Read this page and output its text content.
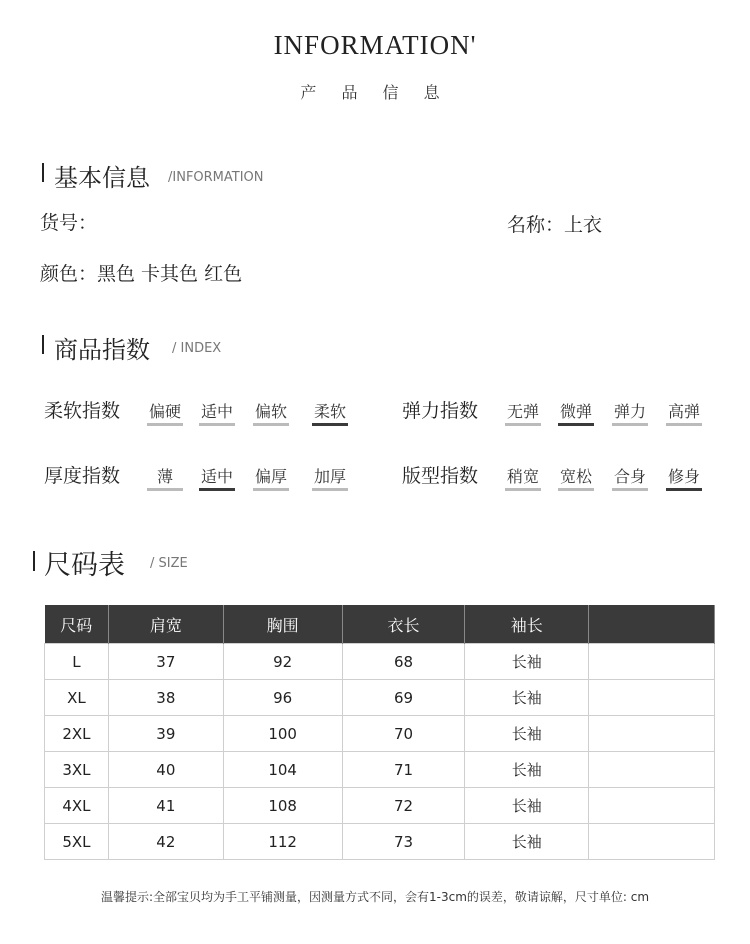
INFORMATION'
产 品 信 息
基本信息 /INFORMATION
货号：	名称：上衣
颜色：黑色 卡其色 红色
商品指数 / INDEX
柔软指数 偏硬 适中 偏软 柔软	弹力指数 无弹 微弹 弹力 高弹
厚度指数	薄	适中 偏厚 加厚	版型指数 稍宽 宽松 合身 修身
尺码表 / SIZE
尺码	肩宽	胸围	衣长	袖长	
L	37	92	68	长袖	
XL	38	96	69	长袖	
2XL	39	100	70	长袖	
3XL	40	104	71	长袖	
4XL	41	108	72	长袖	
5XL	42	112	73	长袖	
温馨提示:全部宝贝均为手工平铺测量，因测量方式不同，会有1-3cm的误差，敬请谅解，尺寸单位: cm
